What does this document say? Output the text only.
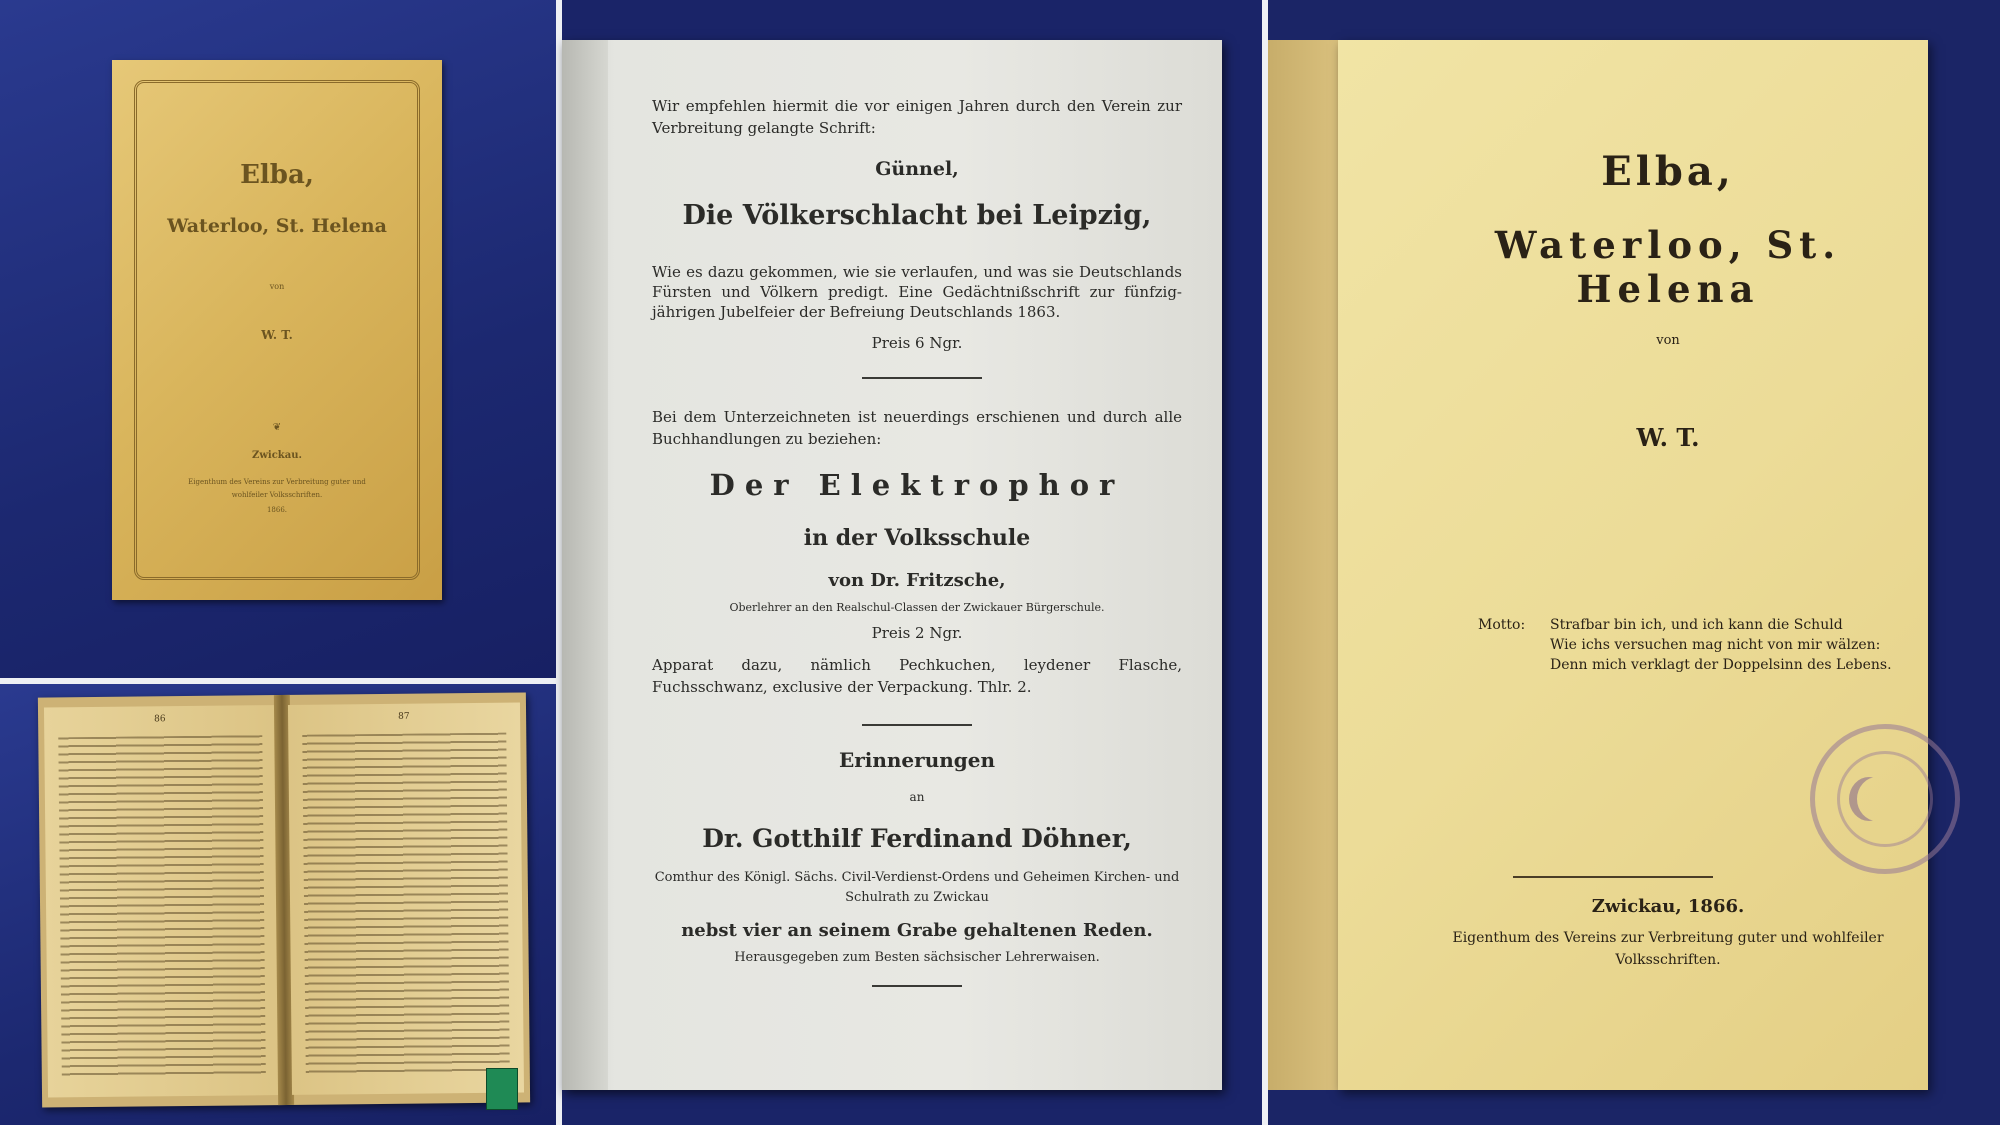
Elba,
Waterloo, St. Helena
von
W. T.
❦
Zwickau.
Eigenthum des Vereins zur Verbreitung guter und
wohlfeiler Volksschriften.
1866.
86	87
Wir empfehlen hiermit die vor einigen Jahren durch den Verein zur Verbreitung gelangte Schrift:
Günnel,
Die Völkerschlacht bei Leipzig,
Wie es dazu gekommen, wie sie verlaufen, und was sie Deutschlands Fürsten und Völkern predigt. Eine Gedächtnißschrift zur fünfzig-jährigen Jubelfeier der Befreiung Deutschlands 1863.
Preis 6 Ngr.
Bei dem Unterzeichneten ist neuerdings erschienen und durch alle Buchhandlungen zu beziehen:
Der Elektrophor
in der Volksschule
von Dr. Fritzsche,
Oberlehrer an den Realschul-Classen der Zwickauer Bürgerschule.
Preis 2 Ngr.
Apparat dazu, nämlich Pechkuchen, leydener Flasche, Fuchsschwanz, exclusive der Verpackung. Thlr. 2.
Erinnerungen
an
Dr. Gotthilf Ferdinand Döhner,
Comthur des Königl. Sächs. Civil-Verdienst-Ordens und Geheimen Kirchen- und Schulrath zu Zwickau
nebst vier an seinem Grabe gehaltenen Reden.
Herausgegeben zum Besten sächsischer Lehrerwaisen.
Elba,
Waterloo, St. Helena
von
W. T.
Motto: Strafbar bin ich, und ich kann die Schuld
Wie ichs versuchen mag nicht von mir wälzen:
Denn mich verklagt der Doppelsinn des Lebens.
Zwickau, 1866.
Eigenthum des Vereins zur Verbreitung guter und wohlfeiler
Volksschriften.
